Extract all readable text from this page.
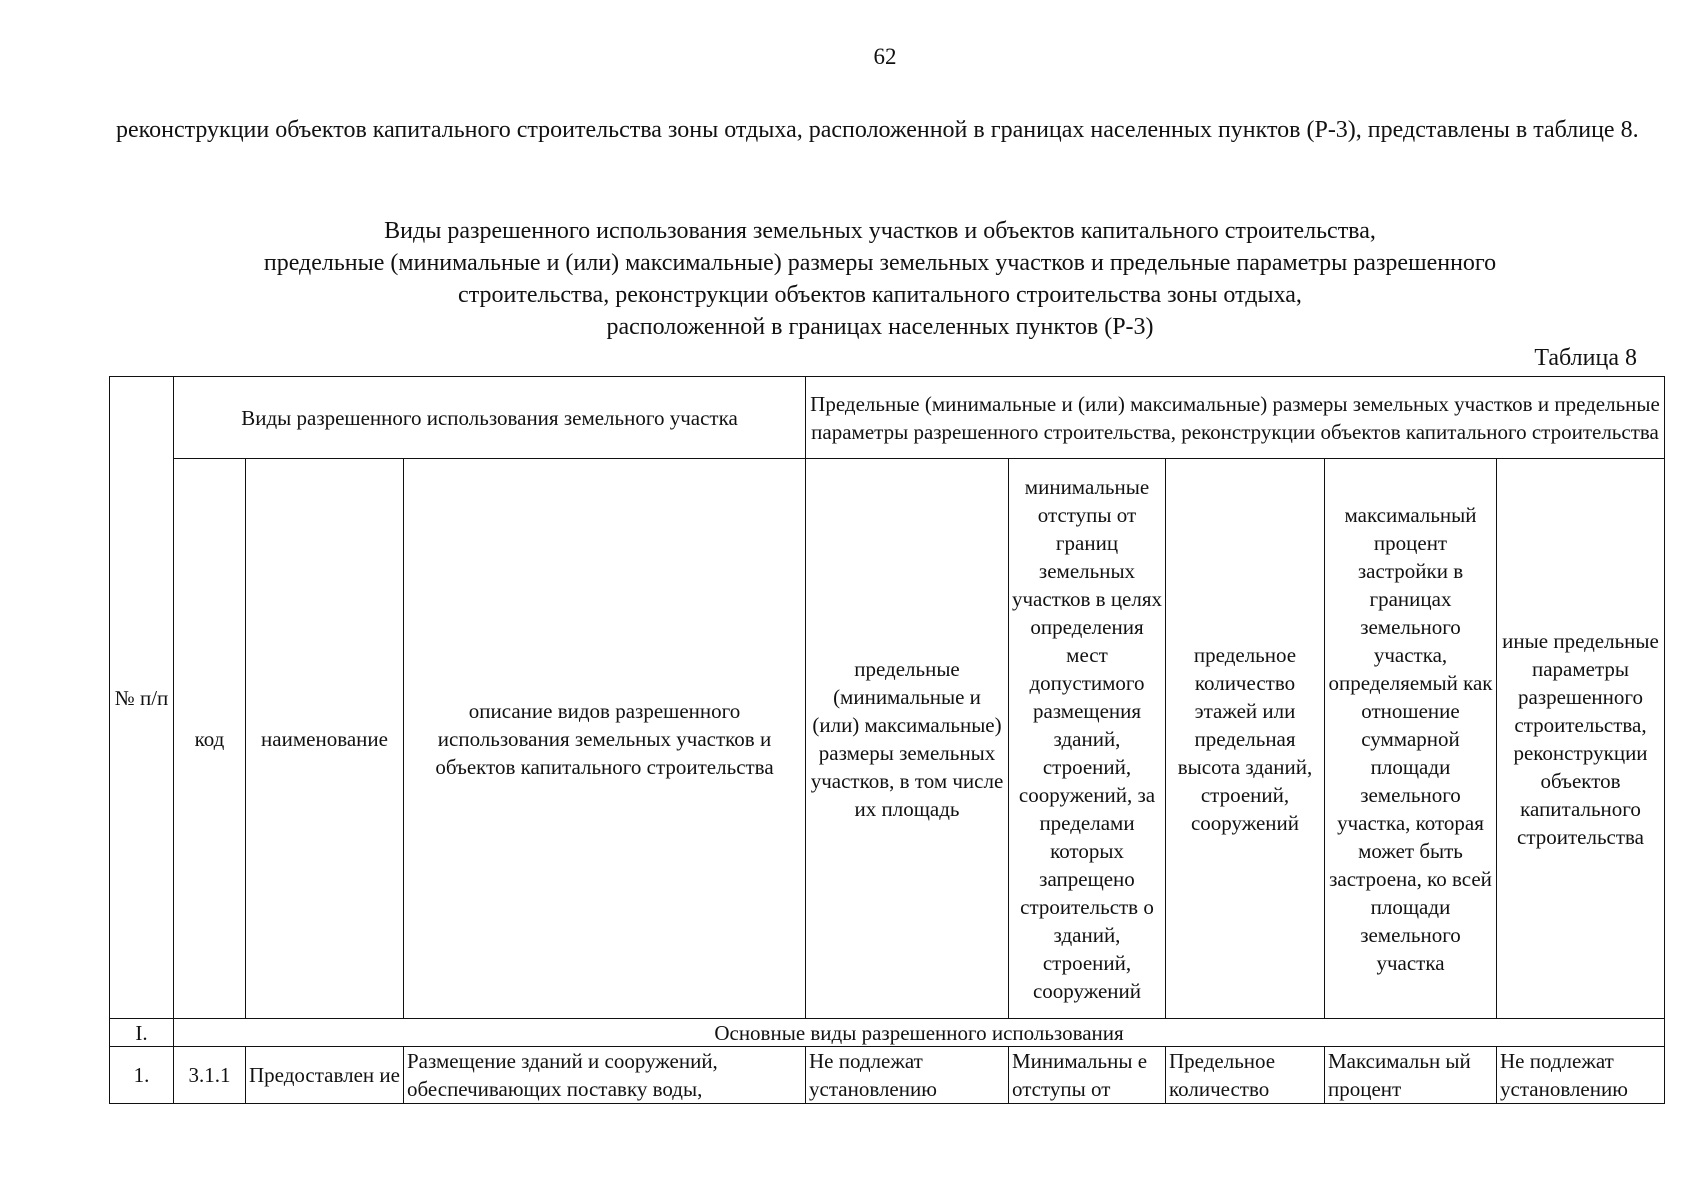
62

реконструкции объектов капитального строительства зоны отдыха, расположенной в границах населенных пунктов (Р-3), представлены в таблице 8.

Виды разрешенного использования земельных участков и объектов капитального строительства,
предельные (минимальные и (или) максимальные) размеры земельных участков и предельные параметры разрешенного
строительства, реконструкции объектов капитального строительства зоны отдыха,
расположенной в границах населенных пунктов (Р-3)
Таблица 8
№ п/п	Виды разрешенного использования земельного участка			Предельные (минимальные и (или) максимальные) размеры земельных участков и предельные параметры разрешенного строительства, реконструкции объектов капитального строительства				
	код	наименование	описание видов разрешенного использования земельных участков и объектов капитального строительства	предельные (минимальные и (или) максимальные) размеры земельных участков, в том числе их площадь	минимальные отступы от границ земельных участков в целях определения мест допустимого размещения зданий, строений, сооружений, за пределами которых запрещено строительств о зданий, строений, сооружений	предельное количество этажей или предельная высота зданий, строений, сооружений	максимальный процент застройки в границах земельного участка, определяемый как отношение суммарной площади земельного участка, которая может быть застроена, ко всей площади земельного участка	иные предельные параметры разрешенного строительства, реконструкции объектов капитального строительства
I.	Основные виды разрешенного использования							
1.	3.1.1	Предоставлен ие	Размещение зданий и сооружений, обеспечивающих поставку воды,	Не подлежат установлению	Минимальны е отступы от	Предельное количество	Максимальн ый процент	Не подлежат установлению
